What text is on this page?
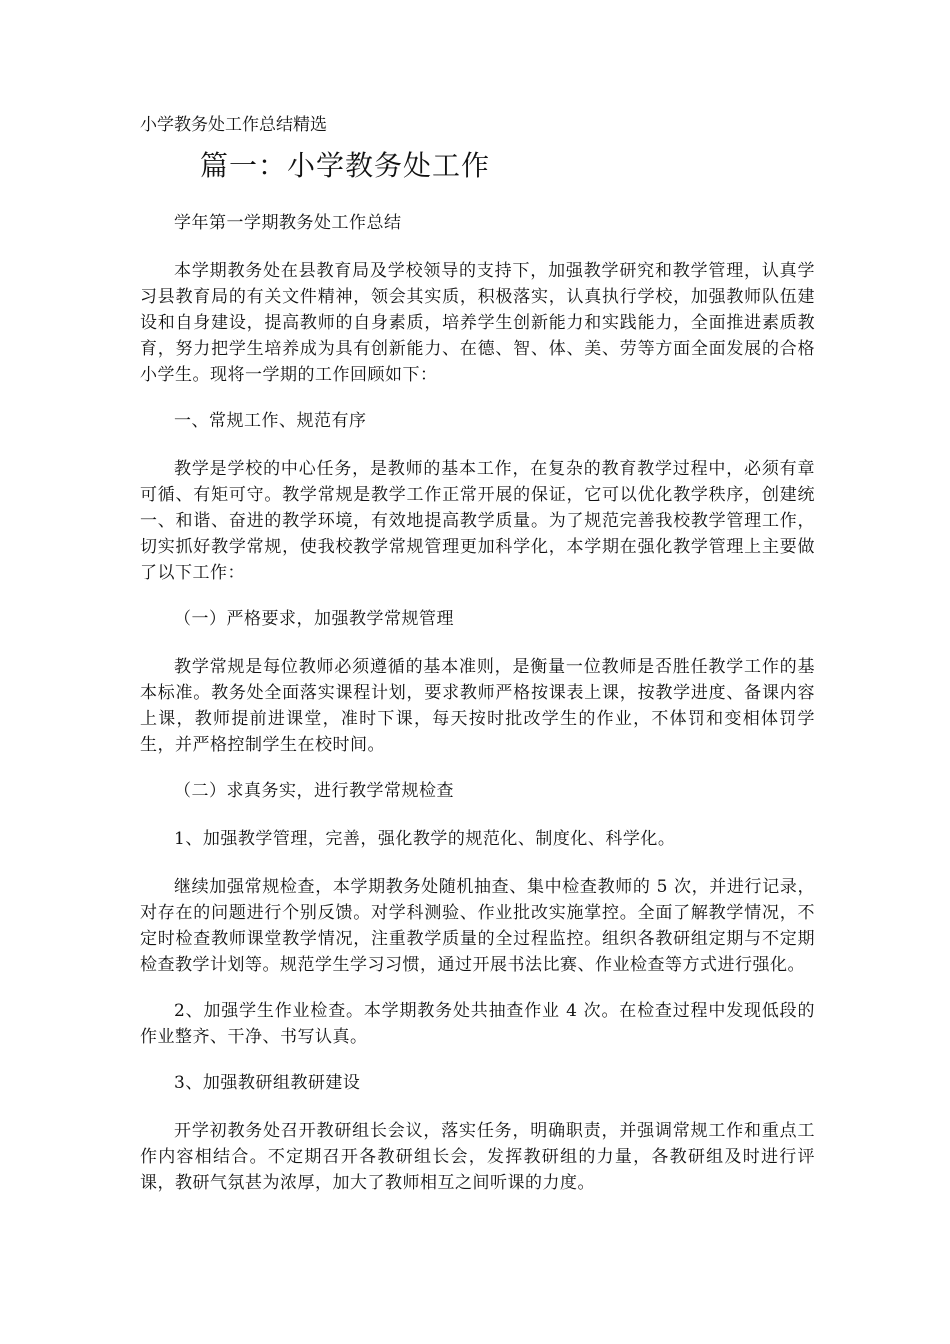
小学教务处工作总结精选

篇一：小学教务处工作

学年第一学期教务处工作总结

本学期教务处在县教育局及学校领导的支持下，加强教学研究和教学管理，认真学习县教育局的有关文件精神，领会其实质，积极落实，认真执行学校，加强教师队伍建设和自身建设，提高教师的自身素质，培养学生创新能力和实践能力，全面推进素质教育，努力把学生培养成为具有创新能力、在德、智、体、美、劳等方面全面发展的合格小学生。现将一学期的工作回顾如下：

一、常规工作、规范有序

教学是学校的中心任务，是教师的基本工作，在复杂的教育教学过程中，必须有章可循、有矩可守。教学常规是教学工作正常开展的保证，它可以优化教学秩序，创建统一、和谐、奋进的教学环境，有效地提高教学质量。为了规范完善我校教学管理工作，切实抓好教学常规，使我校教学常规管理更加科学化，本学期在强化教学管理上主要做了以下工作：

（一）严格要求，加强教学常规管理

教学常规是每位教师必须遵循的基本准则，是衡量一位教师是否胜任教学工作的基本标准。教务处全面落实课程计划，要求教师严格按课表上课，按教学进度、备课内容上课，教师提前进课堂，准时下课，每天按时批改学生的作业，不体罚和变相体罚学生，并严格控制学生在校时间。

（二）求真务实，进行教学常规检查

1、加强教学管理，完善，强化教学的规范化、制度化、科学化。

继续加强常规检查，本学期教务处随机抽查、集中检查教师的 5 次，并进行记录，对存在的问题进行个别反馈。对学科测验、作业批改实施掌控。全面了解教学情况，不定时检查教师课堂教学情况，注重教学质量的全过程监控。组织各教研组定期与不定期检查教学计划等。规范学生学习习惯，通过开展书法比赛、作业检查等方式进行强化。

2、加强学生作业检查。本学期教务处共抽查作业 4 次。在检查过程中发现低段的作业整齐、干净、书写认真。

3、加强教研组教研建设

开学初教务处召开教研组长会议，落实任务，明确职责，并强调常规工作和重点工作内容相结合。不定期召开各教研组长会，发挥教研组的力量，各教研组及时进行评课，教研气氛甚为浓厚，加大了教师相互之间听课的力度。
